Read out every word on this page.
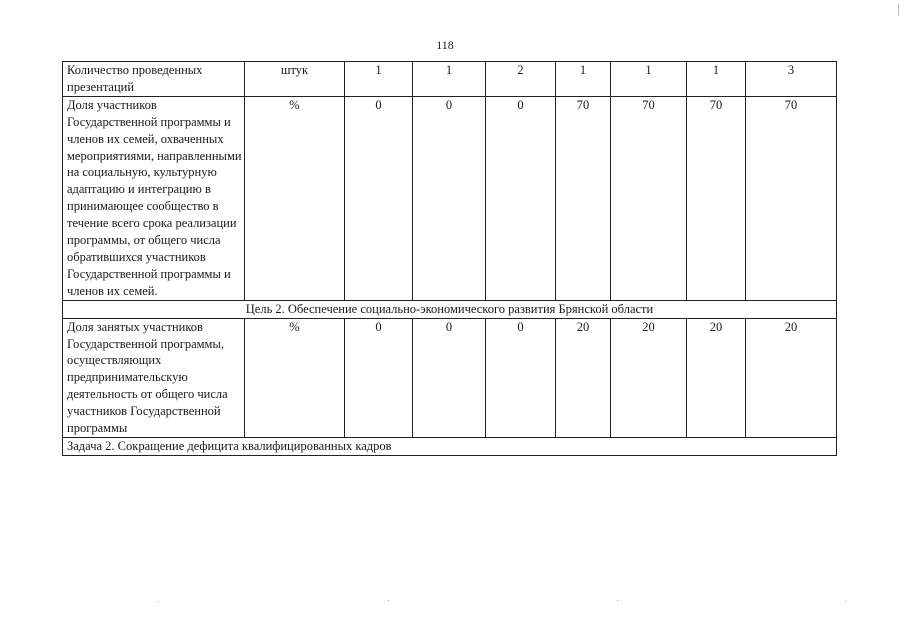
118
Количество проведенных презентаций	штук	1	1	2	1	1	1	3

Доля участников Государственной программы и членов их семей, охваченных мероприятиями, направленными на социальную, культурную адаптацию и интеграцию в принимающее сообщество в течение всего срока реализации программы, от общего числа обратившихся участников Государственной программы и членов их семей.	%	0	0	0	70	70	70	70
Цель 2. Обеспечение социально-экономического развития Брянской области								

Доля занятых участников Государственной программы, осуществляющих предпринимательскую деятельность от общего числа участников Государственной программы	%	0	0	0	20	20	20	20
Задача 2. Сокращение дефицита квалифицированных кадров								
